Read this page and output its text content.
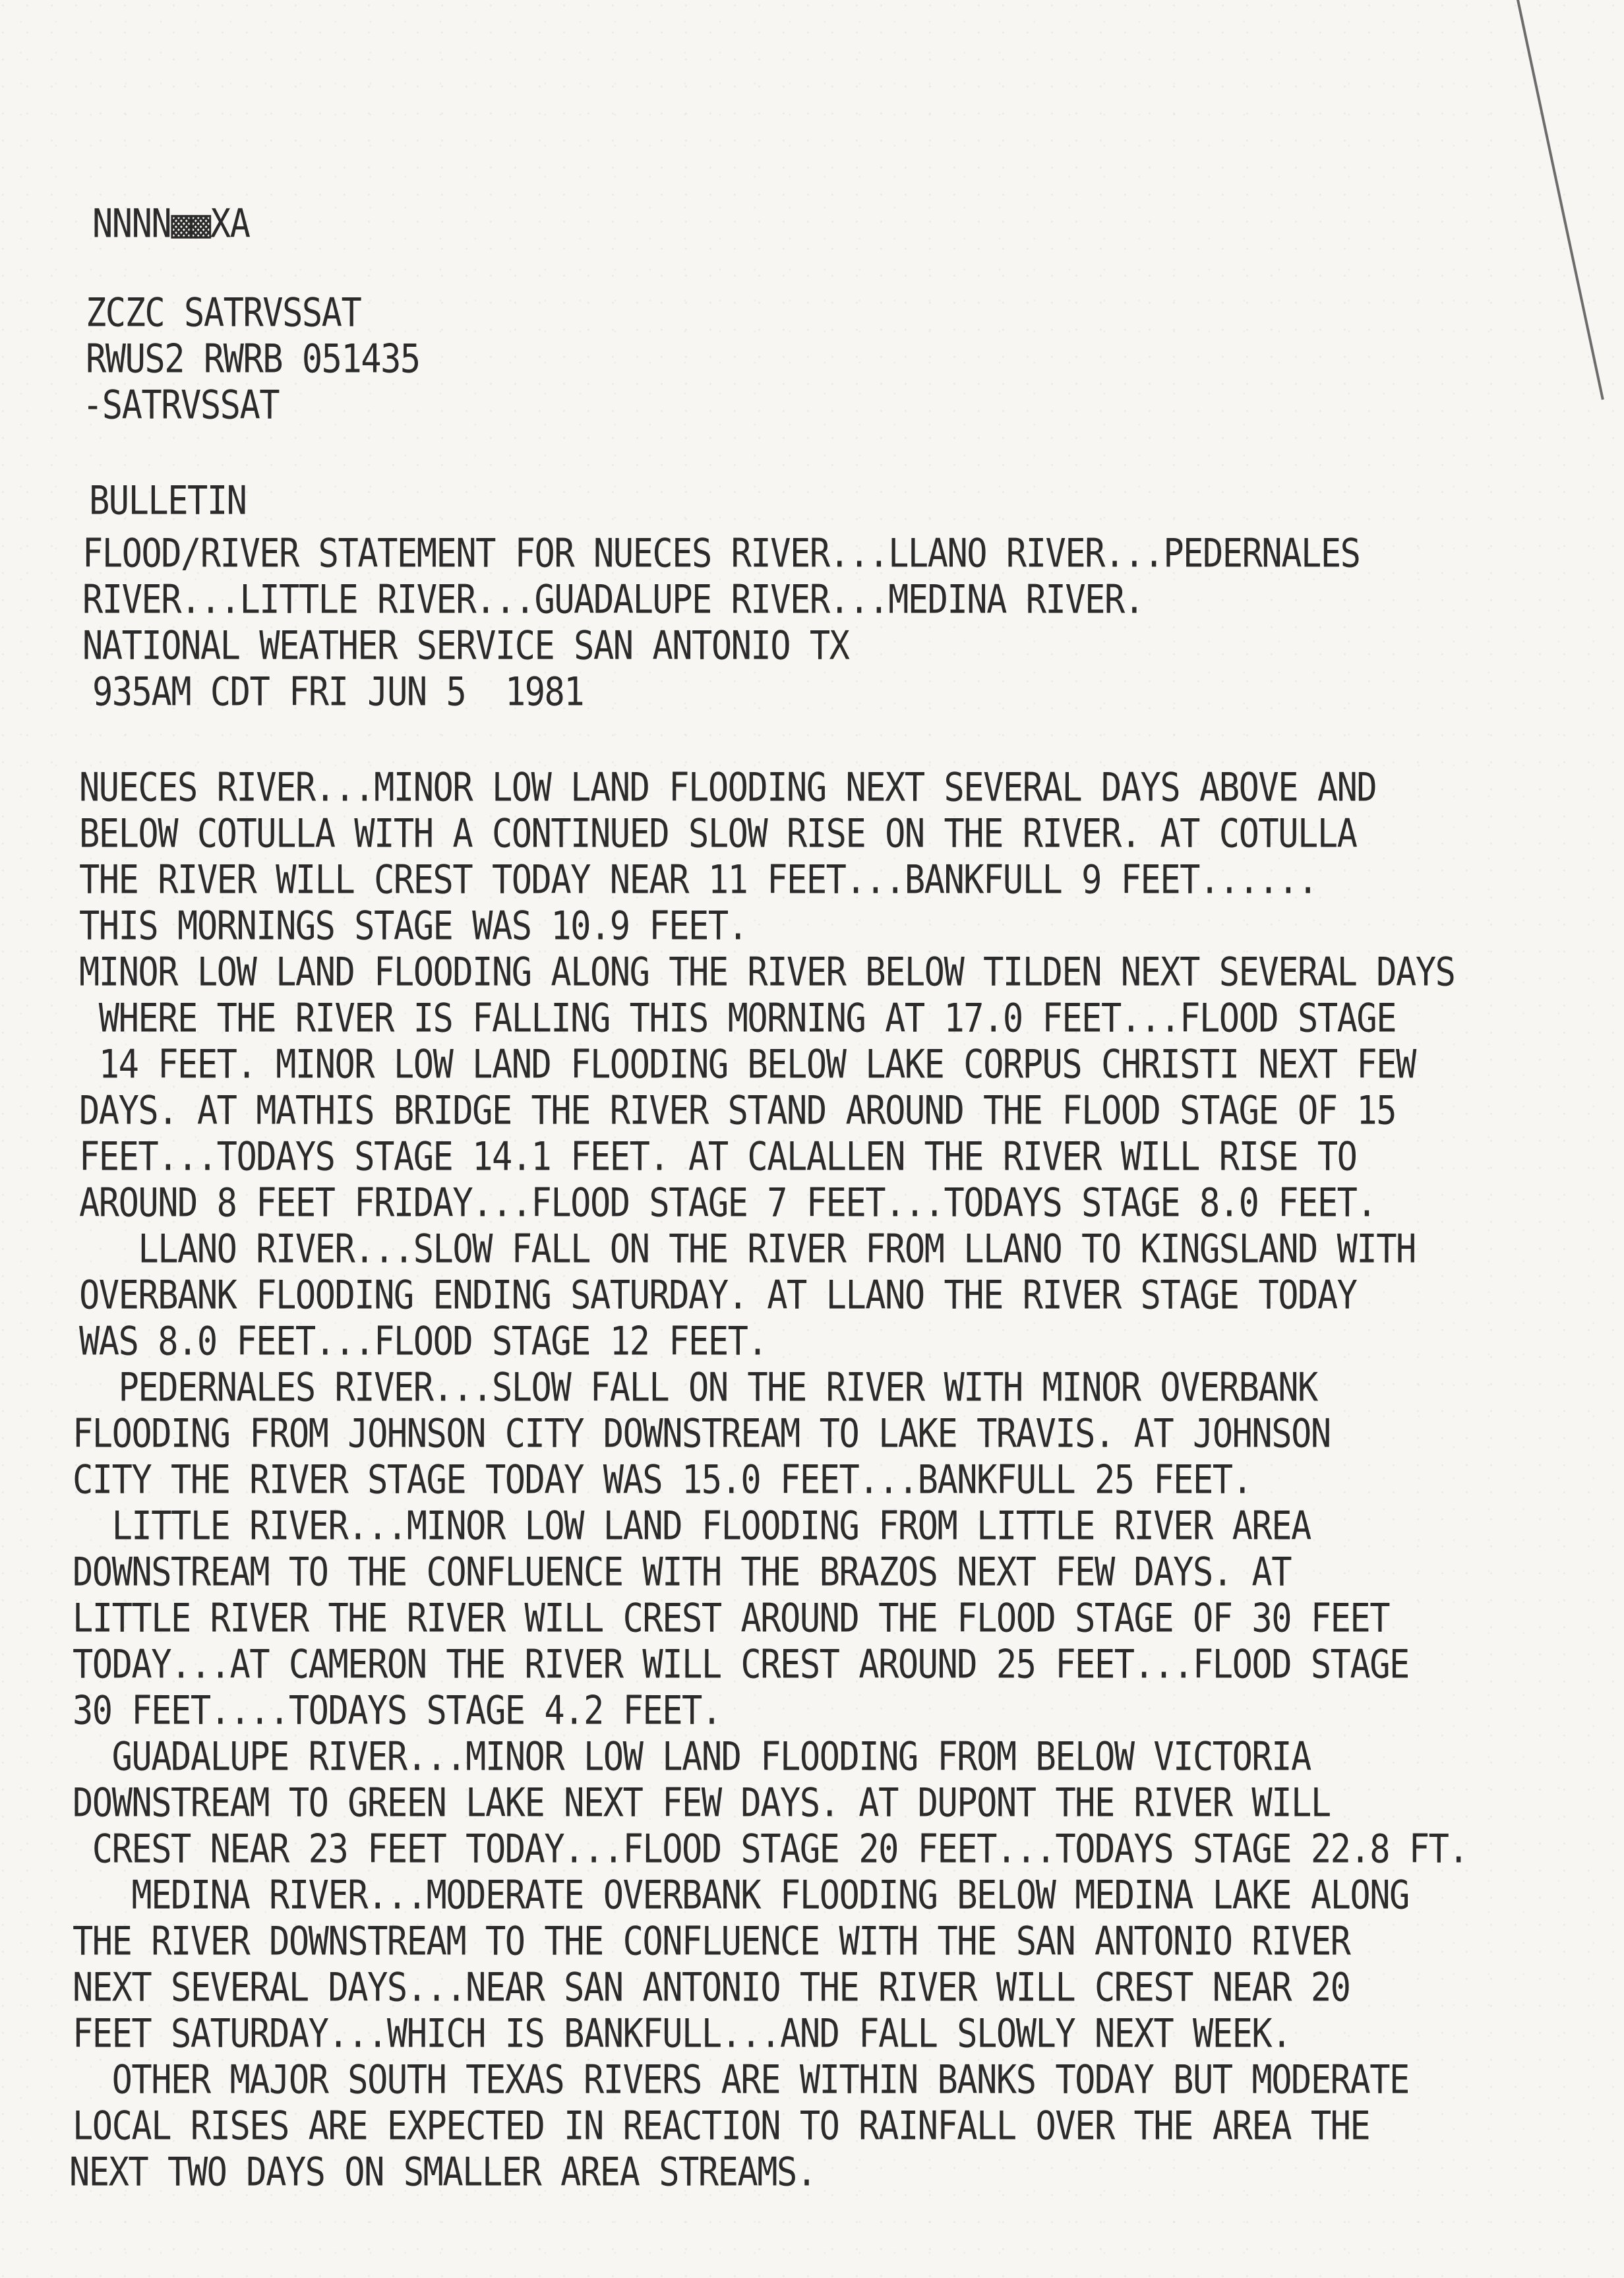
NNNN▩▩XA
ZCZC SATRVSSAT
RWUS2 RWRB 051435
-SATRVSSAT
BULLETIN
FLOOD/RIVER STATEMENT FOR NUECES RIVER...LLANO RIVER...PEDERNALES
RIVER...LITTLE RIVER...GUADALUPE RIVER...MEDINA RIVER.
NATIONAL WEATHER SERVICE SAN ANTONIO TX
935AM CDT FRI JUN 5  1981
NUECES RIVER...MINOR LOW LAND FLOODING NEXT SEVERAL DAYS ABOVE AND
BELOW COTULLA WITH A CONTINUED SLOW RISE ON THE RIVER. AT COTULLA
THE RIVER WILL CREST TODAY NEAR 11 FEET...BANKFULL 9 FEET......
THIS MORNINGS STAGE WAS 10.9 FEET.
MINOR LOW LAND FLOODING ALONG THE RIVER BELOW TILDEN NEXT SEVERAL DAYS
WHERE THE RIVER IS FALLING THIS MORNING AT 17.0 FEET...FLOOD STAGE
14 FEET. MINOR LOW LAND FLOODING BELOW LAKE CORPUS CHRISTI NEXT FEW
DAYS. AT MATHIS BRIDGE THE RIVER STAND AROUND THE FLOOD STAGE OF 15
FEET...TODAYS STAGE 14.1 FEET. AT CALALLEN THE RIVER WILL RISE TO
AROUND 8 FEET FRIDAY...FLOOD STAGE 7 FEET...TODAYS STAGE 8.0 FEET.
LLANO RIVER...SLOW FALL ON THE RIVER FROM LLANO TO KINGSLAND WITH
OVERBANK FLOODING ENDING SATURDAY. AT LLANO THE RIVER STAGE TODAY
WAS 8.0 FEET...FLOOD STAGE 12 FEET.
PEDERNALES RIVER...SLOW FALL ON THE RIVER WITH MINOR OVERBANK
FLOODING FROM JOHNSON CITY DOWNSTREAM TO LAKE TRAVIS. AT JOHNSON
CITY THE RIVER STAGE TODAY WAS 15.0 FEET...BANKFULL 25 FEET.
LITTLE RIVER...MINOR LOW LAND FLOODING FROM LITTLE RIVER AREA
DOWNSTREAM TO THE CONFLUENCE WITH THE BRAZOS NEXT FEW DAYS. AT
LITTLE RIVER THE RIVER WILL CREST AROUND THE FLOOD STAGE OF 30 FEET
TODAY...AT CAMERON THE RIVER WILL CREST AROUND 25 FEET...FLOOD STAGE
30 FEET....TODAYS STAGE 4.2 FEET.
GUADALUPE RIVER...MINOR LOW LAND FLOODING FROM BELOW VICTORIA
DOWNSTREAM TO GREEN LAKE NEXT FEW DAYS. AT DUPONT THE RIVER WILL
CREST NEAR 23 FEET TODAY...FLOOD STAGE 20 FEET...TODAYS STAGE 22.8 FT.
MEDINA RIVER...MODERATE OVERBANK FLOODING BELOW MEDINA LAKE ALONG
THE RIVER DOWNSTREAM TO THE CONFLUENCE WITH THE SAN ANTONIO RIVER
NEXT SEVERAL DAYS...NEAR SAN ANTONIO THE RIVER WILL CREST NEAR 20
FEET SATURDAY...WHICH IS BANKFULL...AND FALL SLOWLY NEXT WEEK.
OTHER MAJOR SOUTH TEXAS RIVERS ARE WITHIN BANKS TODAY BUT MODERATE
LOCAL RISES ARE EXPECTED IN REACTION TO RAINFALL OVER THE AREA THE
NEXT TWO DAYS ON SMALLER AREA STREAMS.
